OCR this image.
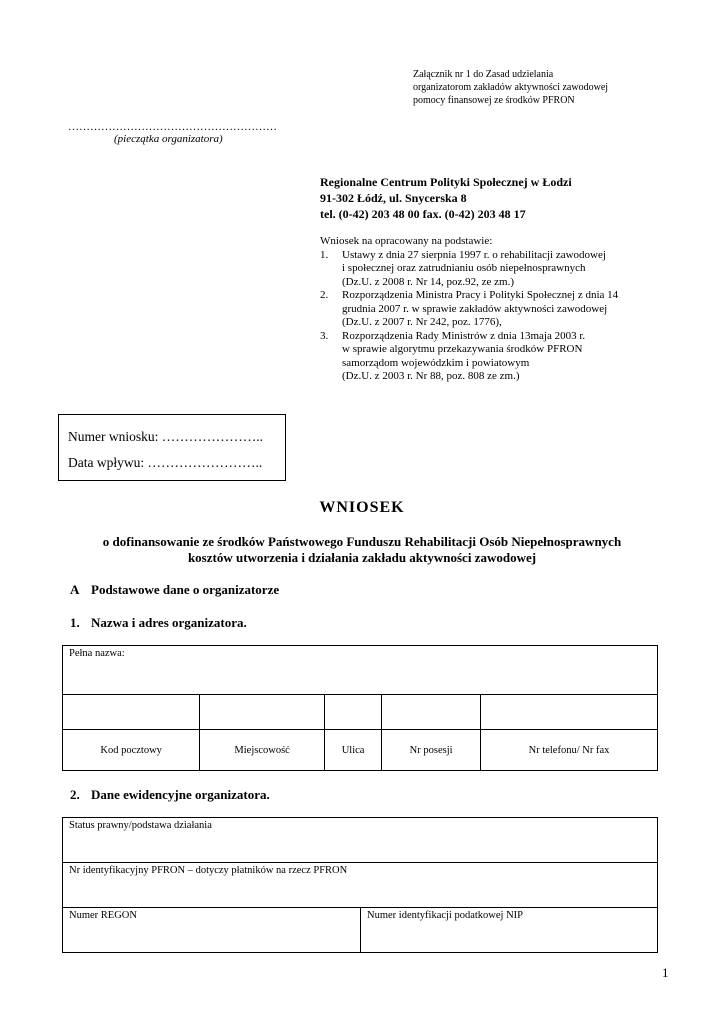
Załącznik nr 1 do Zasad udzielania
organizatorom zakładów aktywności zawodowej
pomocy finansowej ze środków PFRON
…………………………………………………
(pieczątka organizatora)
Regionalne Centrum Polityki Społecznej w Łodzi
91-302 Łódź, ul. Snycerska 8
tel. (0-42) 203 48 00 fax. (0-42) 203 48 17
Wniosek na opracowany na podstawie:
1.	Ustawy z dnia 27 sierpnia 1997 r. o rehabilitacji zawodowej
i społecznej oraz zatrudnianiu osób niepełnosprawnych
(Dz.U. z 2008 r. Nr 14, poz.92, ze zm.)
2.	Rozporządzenia Ministra Pracy i Polityki Społecznej z dnia 14
grudnia 2007 r. w sprawie zakładów aktywności zawodowej
(Dz.U. z 2007 r. Nr 242, poz. 1776),
3.	Rozporządzenia Rady Ministrów z dnia 13maja 2003 r.
w sprawie algorytmu przekazywania środków PFRON
samorządom wojewódzkim i powiatowym
(Dz.U. z 2003 r. Nr 88, poz. 808 ze zm.)
Numer wniosku: …………………..
Data wpływu: ……………………..
WNIOSEK
o dofinansowanie ze środków Państwowego Funduszu Rehabilitacji Osób Niepełnosprawnych
kosztów utworzenia i działania zakładu aktywności zawodowej
A Podstawowe dane o organizatorze
1. Nazwa i adres organizatora.
Pełna nazwa:				

Kod pocztowy	Miejscowość	Ulica	Nr posesji	Nr telefonu/ Nr fax
2. Dane ewidencyjne organizatora.
Status prawny/podstawa działania
Nr identyfikacyjny PFRON – dotyczy płatników na rzecz PFRON
Numer REGON	Numer identyfikacji podatkowej NIP
1
